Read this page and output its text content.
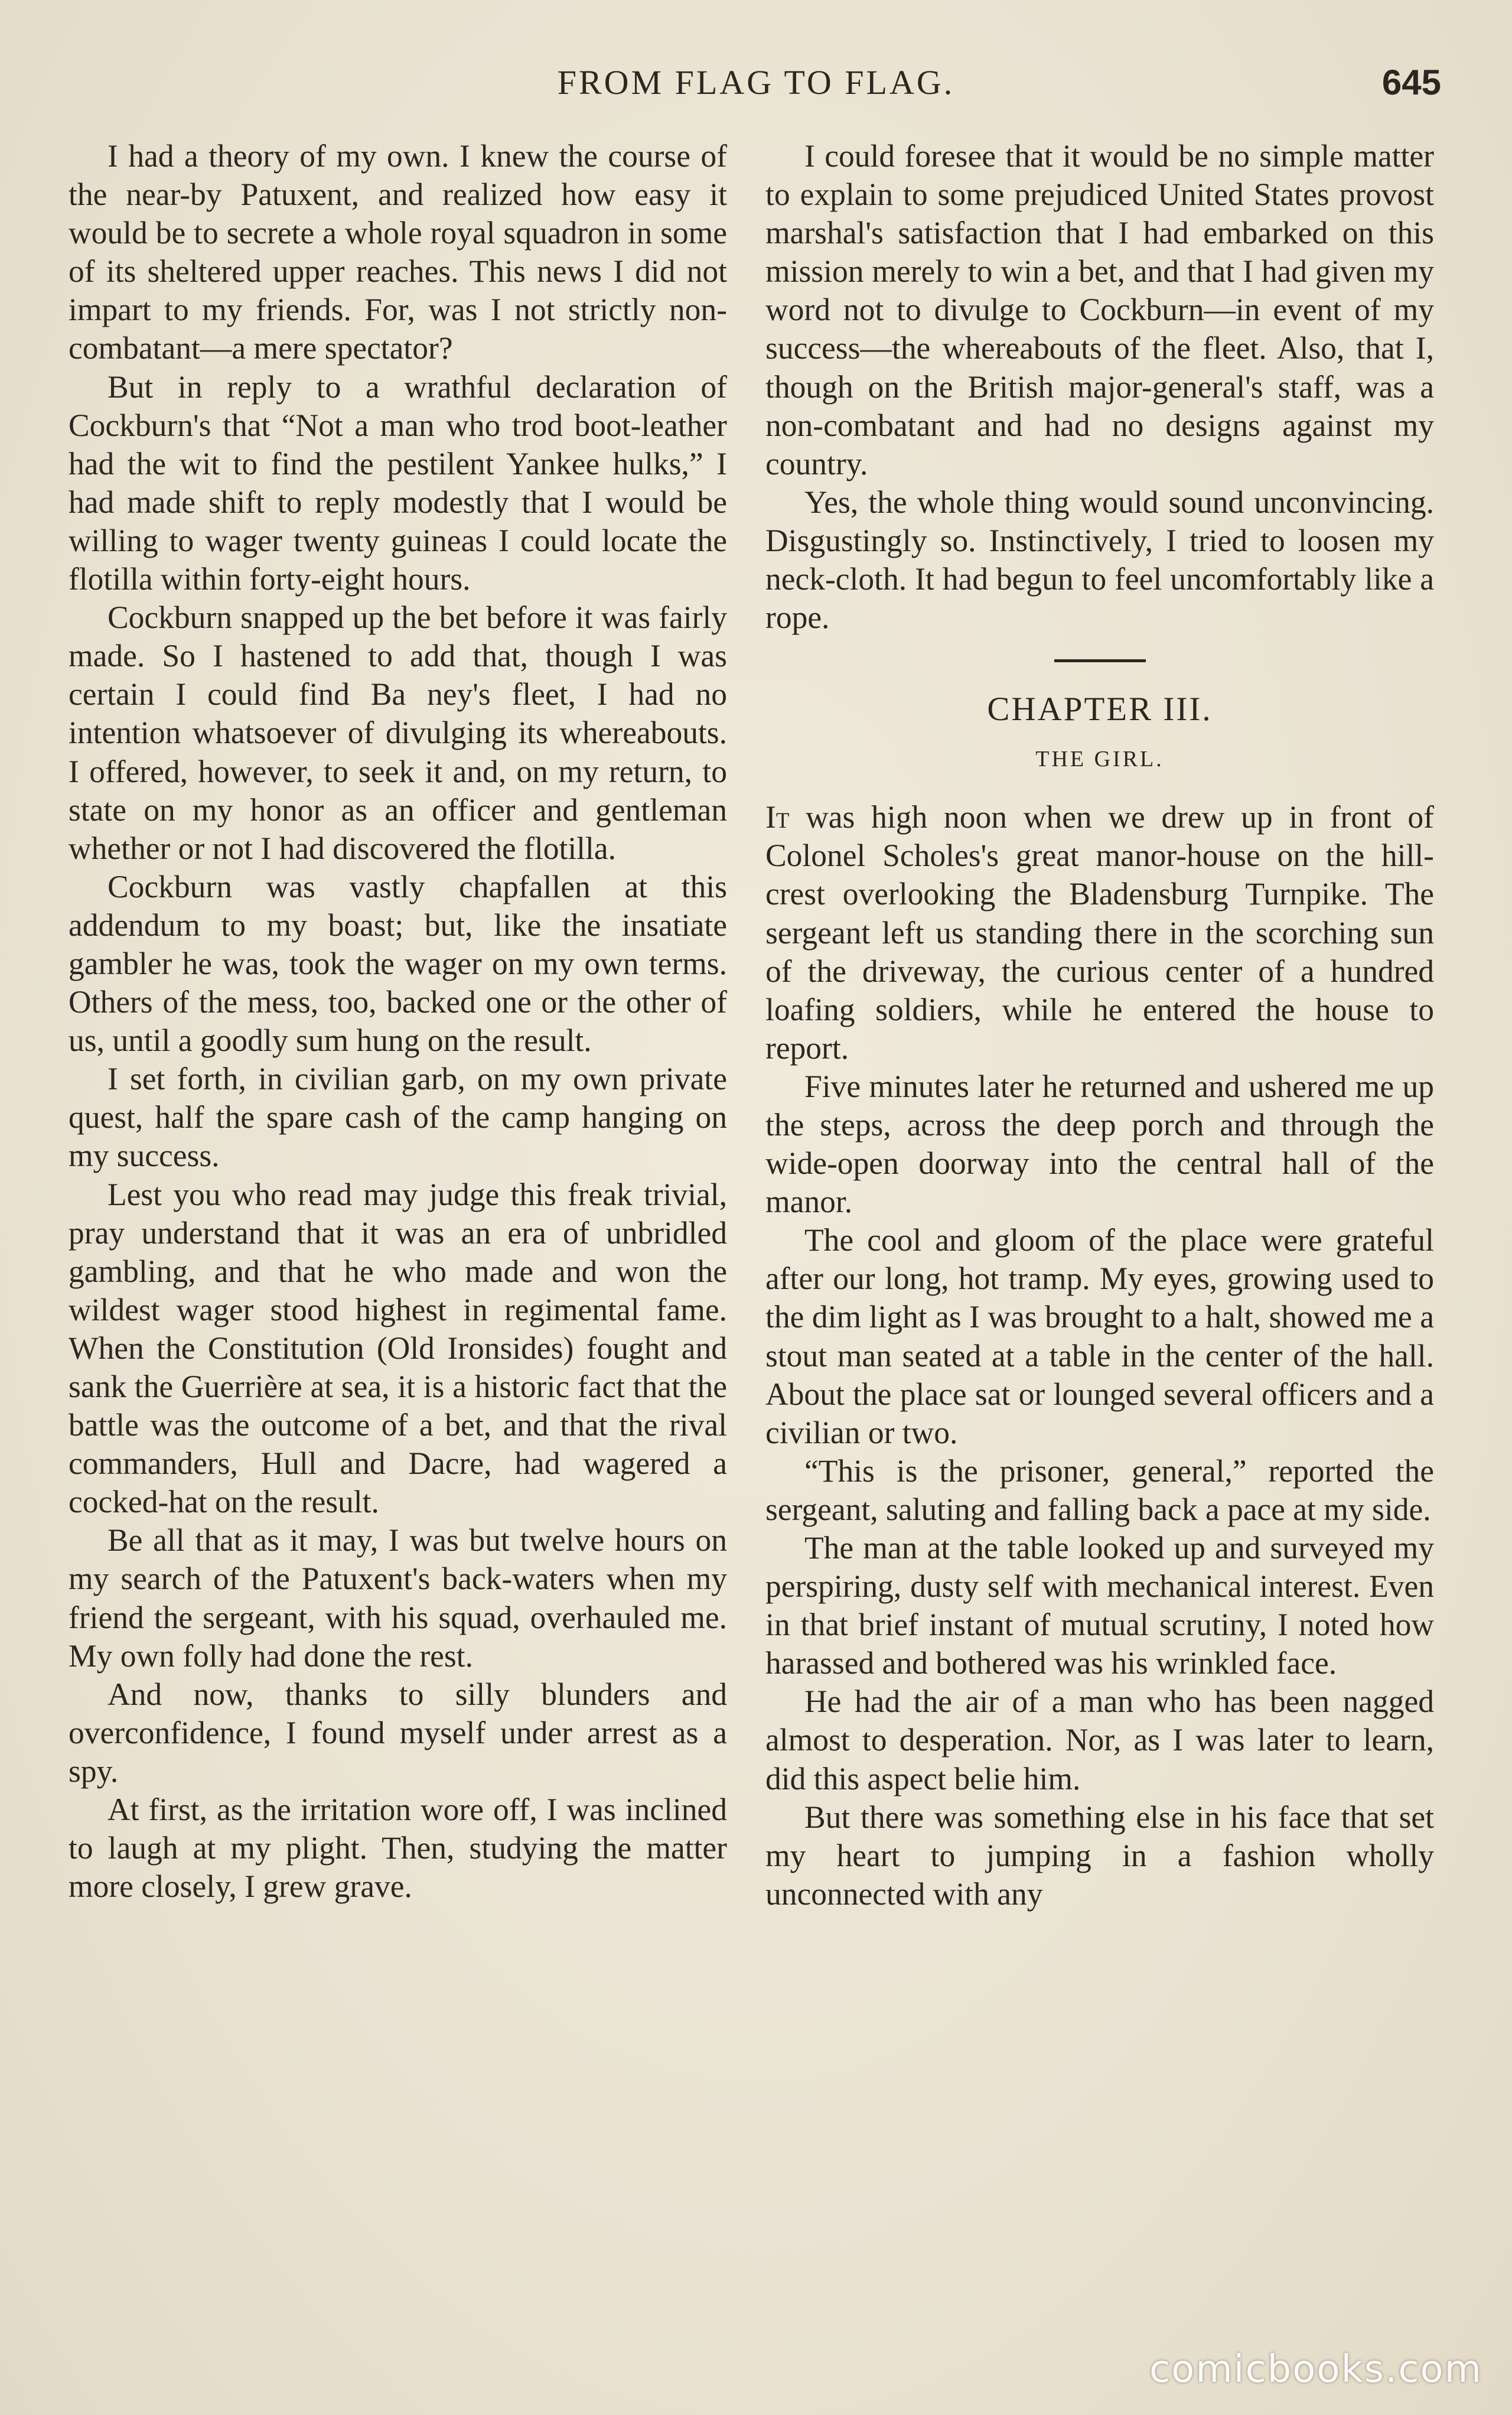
FROM FLAG TO FLAG.	645

I had a theory of my own. I knew the course of the near-by Patuxent, and realized how easy it would be to secrete a whole royal squadron in some of its sheltered upper reaches. This news I did not impart to my friends. For, was I not strictly non-combatant—a mere spectator?

But in reply to a wrathful declaration of Cockburn's that “Not a man who trod boot-leather had the wit to find the pestilent Yankee hulks,” I had made shift to reply modestly that I would be willing to wager twenty guineas I could locate the flotilla within forty-eight hours.

Cockburn snapped up the bet before it was fairly made. So I hastened to add that, though I was certain I could find Ba ney's fleet, I had no intention whatsoever of divulging its whereabouts. I offered, however, to seek it and, on my return, to state on my honor as an officer and gentleman whether or not I had discovered the flotilla.

Cockburn was vastly chapfallen at this addendum to my boast; but, like the insatiate gambler he was, took the wager on my own terms. Others of the mess, too, backed one or the other of us, until a goodly sum hung on the result.

I set forth, in civilian garb, on my own private quest, half the spare cash of the camp hanging on my success.

Lest you who read may judge this freak trivial, pray understand that it was an era of unbridled gambling, and that he who made and won the wildest wager stood highest in regimental fame. When the Constitution (Old Ironsides) fought and sank the Guerrière at sea, it is a historic fact that the battle was the outcome of a bet, and that the rival commanders, Hull and Dacre, had wagered a cocked-hat on the result.

Be all that as it may, I was but twelve hours on my search of the Patuxent's back-waters when my friend the sergeant, with his squad, overhauled me. My own folly had done the rest.

And now, thanks to silly blunders and overconfidence, I found myself under arrest as a spy.

At first, as the irritation wore off, I was inclined to laugh at my plight. Then, studying the matter more closely, I grew grave.

I could foresee that it would be no simple matter to explain to some prejudiced United States provost marshal's satisfaction that I had embarked on this mission merely to win a bet, and that I had given my word not to divulge to Cockburn—in event of my success—the whereabouts of the fleet. Also, that I, though on the British major-general's staff, was a non-combatant and had no designs against my country.

Yes, the whole thing would sound unconvincing. Disgustingly so. Instinctively, I tried to loosen my neck-cloth. It had begun to feel uncomfortably like a rope.

CHAPTER III.
THE GIRL.

It was high noon when we drew up in front of Colonel Scholes's great manor-house on the hill-crest overlooking the Bladensburg Turnpike. The sergeant left us standing there in the scorching sun of the driveway, the curious center of a hundred loafing soldiers, while he entered the house to report.

Five minutes later he returned and ushered me up the steps, across the deep porch and through the wide-open doorway into the central hall of the manor.

The cool and gloom of the place were grateful after our long, hot tramp. My eyes, growing used to the dim light as I was brought to a halt, showed me a stout man seated at a table in the center of the hall. About the place sat or lounged several officers and a civilian or two.

“This is the prisoner, general,” reported the sergeant, saluting and falling back a pace at my side.

The man at the table looked up and surveyed my perspiring, dusty self with mechanical interest. Even in that brief instant of mutual scrutiny, I noted how harassed and bothered was his wrinkled face.

He had the air of a man who has been nagged almost to desperation. Nor, as I was later to learn, did this aspect belie him.

But there was something else in his face that set my heart to jumping in a fashion wholly unconnected with any

comicbooks.com
